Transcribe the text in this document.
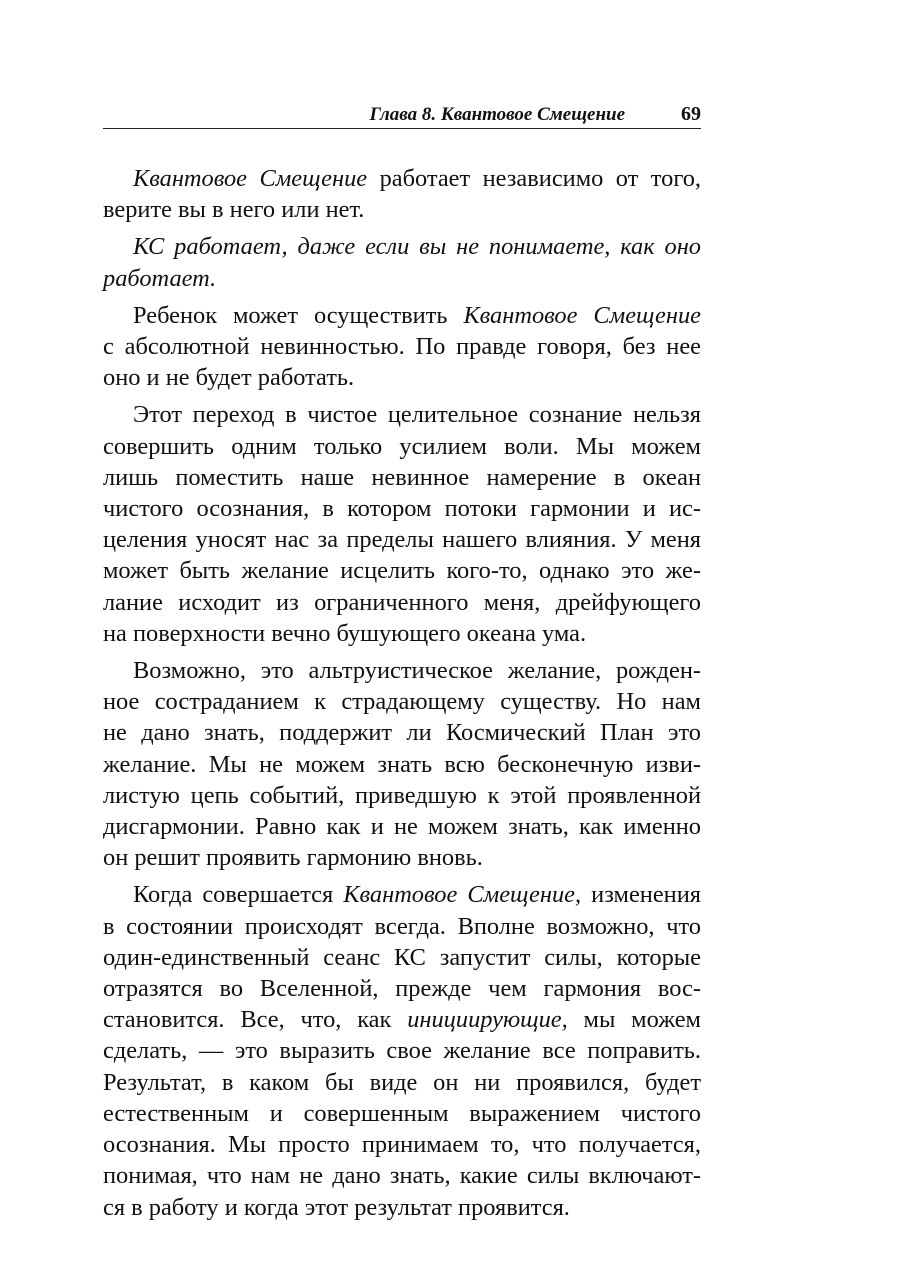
Глава 8. Квантовое Смещение	69
Квантовое Смещение работает независимо от того,
верите вы в него или нет.
КС работает, даже если вы не понимаете, как оно
работает.
Ребенок может осуществить Квантовое Смещение
с абсолютной невинностью. По правде говоря, без нее
оно и не будет работать.
Этот переход в чистое целительное сознание нельзя
совершить одним только усилием воли. Мы можем
лишь поместить наше невинное намерение в океан
чистого осознания, в котором потоки гармонии и ис-
целения уносят нас за пределы нашего влияния. У меня
может быть желание исцелить кого-то, однако это же-
лание исходит из ограниченного меня, дрейфующего
на поверхности вечно бушующего океана ума.
Возможно, это альтруистическое желание, рожден-
ное состраданием к страдающему существу. Но нам
не дано знать, поддержит ли Космический План это
желание. Мы не можем знать всю бесконечную изви-
листую цепь событий, приведшую к этой проявленной
дисгармонии. Равно как и не можем знать, как именно
он решит проявить гармонию вновь.
Когда совершается Квантовое Смещение, изменения
в состоянии происходят всегда. Вполне возможно, что
один-единственный сеанс КС запустит силы, которые
отразятся во Вселенной, прежде чем гармония вос-
становится. Все, что, как инициирующие, мы можем
сделать, — это выразить свое желание все поправить.
Результат, в каком бы виде он ни проявился, будет
естественным и совершенным выражением чистого
осознания. Мы просто принимаем то, что получается,
понимая, что нам не дано знать, какие силы включают-
ся в работу и когда этот результат проявится.
